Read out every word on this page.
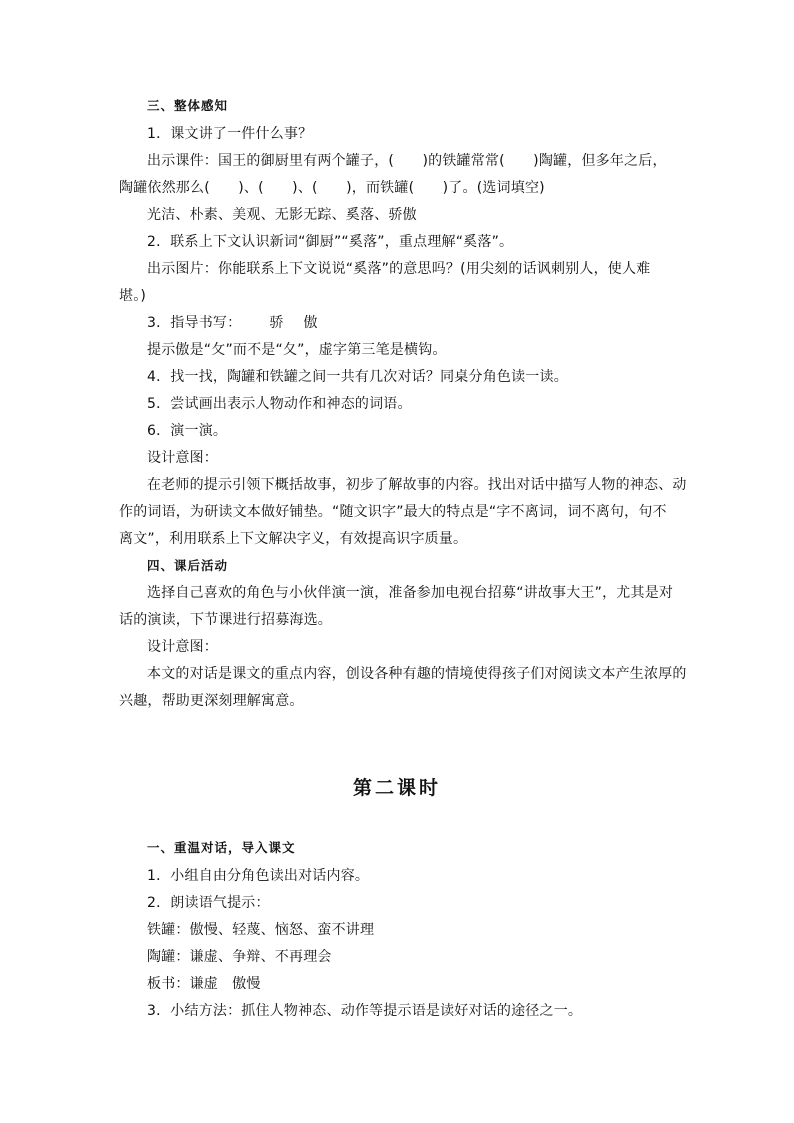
三、整体感知
1．课文讲了一件什么事？
出示课件：国王的御厨里有两个罐子，(　　)的铁罐常常(　　)陶罐，但多年之后，
陶罐依然那么(　　)、(　　)、(　　)，而铁罐(　　)了。(选词填空)
光洁、朴素、美观、无影无踪、奚落、骄傲
2．联系上下文认识新词“御厨”“奚落”，重点理解“奚落”。
出示图片：你能联系上下文说说“奚落”的意思吗？(用尖刻的话讽刺别人，使人难
堪。)
3．指导书写： 骄 傲
提示傲是“攵”而不是“夂”，虚字第三笔是横钩。
4．找一找，陶罐和铁罐之间一共有几次对话？同桌分角色读一读。
5．尝试画出表示人物动作和神态的词语。
6．演一演。
设计意图：
在老师的提示引领下概括故事，初步了解故事的内容。找出对话中描写人物的神态、动
作的词语，为研读文本做好铺垫。“随文识字”最大的特点是“字不离词，词不离句，句不
离文”，利用联系上下文解决字义，有效提高识字质量。
四、课后活动
选择自己喜欢的角色与小伙伴演一演，准备参加电视台招募“讲故事大王”，尤其是对
话的演读，下节课进行招募海选。
设计意图：
本文的对话是课文的重点内容，创设各种有趣的情境使得孩子们对阅读文本产生浓厚的
兴趣，帮助更深刻理解寓意。
第二课时
一、重温对话，导入课文
1．小组自由分角色读出对话内容。
2．朗读语气提示：
铁罐：傲慢、轻蔑、恼怒、蛮不讲理
陶罐：谦虚、争辩、不再理会
板书：谦虚　傲慢
3．小结方法：抓住人物神态、动作等提示语是读好对话的途径之一。
